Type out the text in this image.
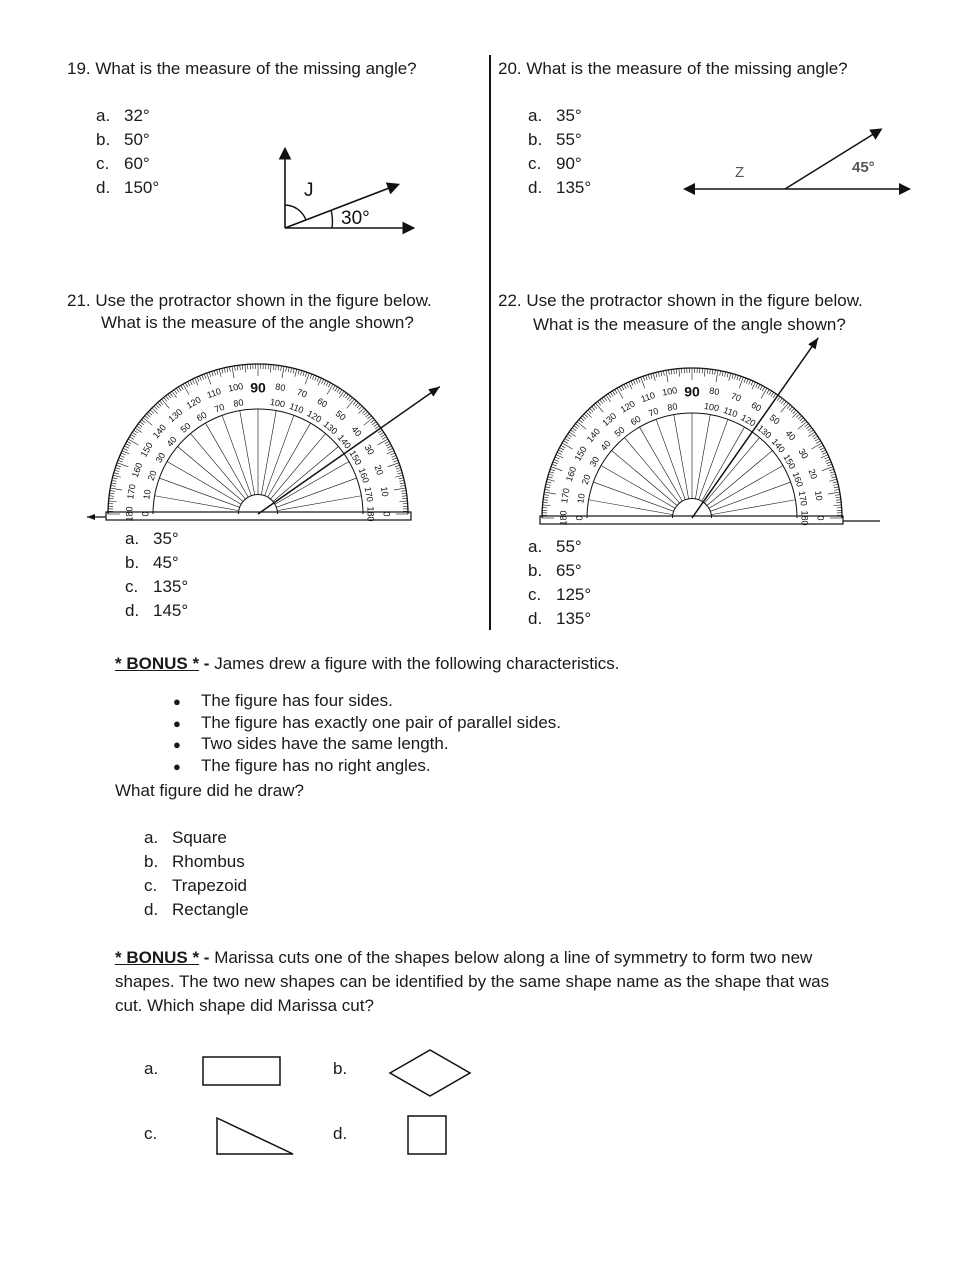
19. What is the measure of the missing angle?
a. 32°
b. 50°
c. 60°
d. 150°	J
30°
20. What is the measure of the missing angle?
a. 35°
b. 55°
c. 90°
d. 135°
Z	45°
21. Use the protractor shown in the figure below.
What is the measure of the angle shown?
0
180
10
170
20
160
30
150
40
140
50
130
60
120
70
110
80
100
100
80
110
70
120
60
130
50
140
40
150
30
160 20
170 10
180 0
90
a. 35°
b. 45°
c. 135°
d. 145°
22. Use the protractor shown in the figure below.
What is the measure of the angle shown?
0
180
10
170
20
160
30
150
40
140
50
130
60
120
70
110
80
100
100
80
110
70
120
60
130
50
140
40
150
30
160 20
170 10
180 0
90
a. 55°
b. 65°
c. 125°
d. 135°
* BONUS * - James drew a figure with the following characteristics.
● The figure has four sides.
● The figure has exactly one pair of parallel sides.
● Two sides have the same length.
● The figure has no right angles.
What figure did he draw?
a. Square
b. Rhombus
c. Trapezoid
d. Rectangle
* BONUS * - Marissa cuts one of the shapes below along a line of symmetry to form two new
shapes. The two new shapes can be identified by the same shape name as the shape that was
cut. Which shape did Marissa cut?
a.	b.
c.	d.
